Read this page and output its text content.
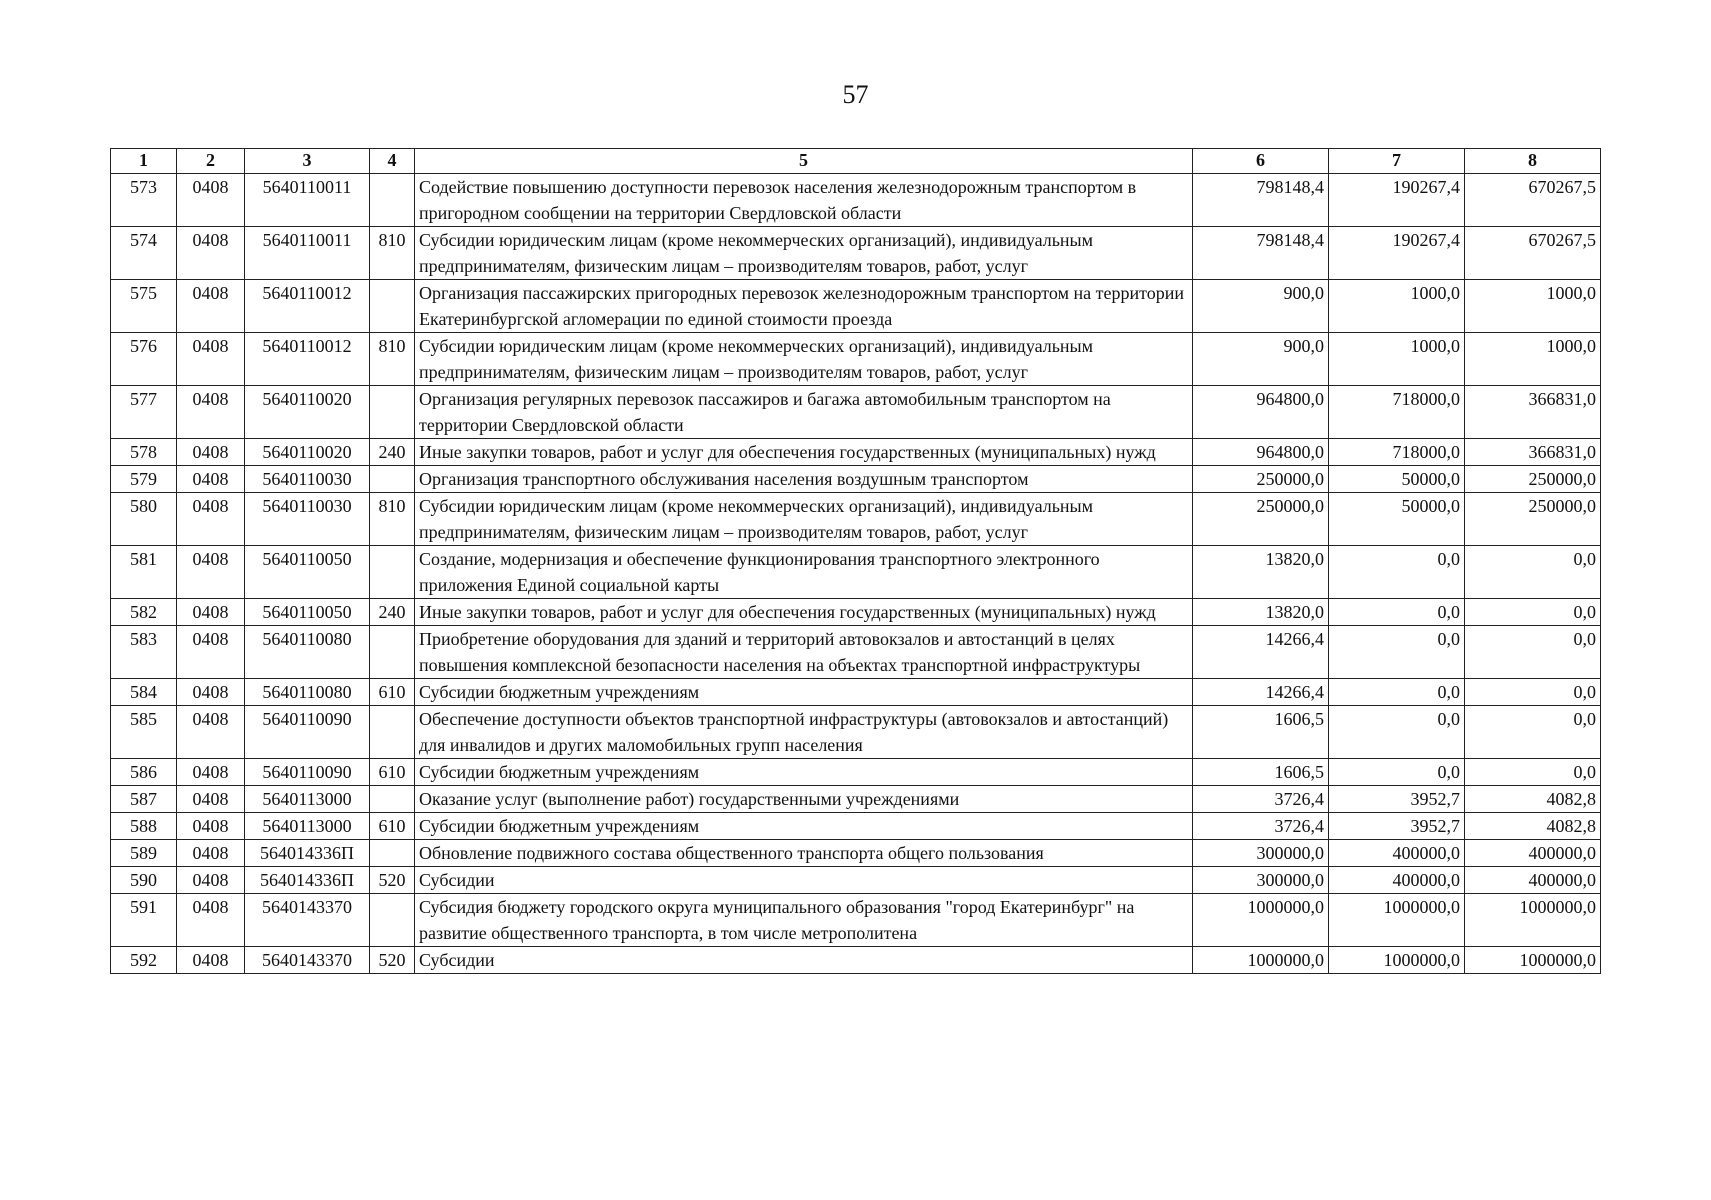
57
1	2	3	4	5	6	7	8
573	0408	5640110011		Содействие повышению доступности перевозок населения железнодорожным транспортом в пригородном сообщении на территории Свердловской области	798148,4	190267,4	670267,5
574	0408	5640110011	810	Субсидии юридическим лицам (кроме некоммерческих организаций), индивидуальным предпринимателям, физическим лицам – производителям товаров, работ, услуг	798148,4	190267,4	670267,5
575	0408	5640110012		Организация пассажирских пригородных перевозок железнодорожным транспортом на территории Екатеринбургской агломерации по единой стоимости проезда	900,0	1000,0	1000,0
576	0408	5640110012	810	Субсидии юридическим лицам (кроме некоммерческих организаций), индивидуальным предпринимателям, физическим лицам – производителям товаров, работ, услуг	900,0	1000,0	1000,0
577	0408	5640110020		Организация регулярных перевозок пассажиров и багажа автомобильным транспортом на территории Свердловской области	964800,0	718000,0	366831,0
578	0408	5640110020	240	Иные закупки товаров, работ и услуг для обеспечения государственных (муниципальных) нужд	964800,0	718000,0	366831,0
579	0408	5640110030		Организация транспортного обслуживания населения воздушным транспортом	250000,0	50000,0	250000,0
580	0408	5640110030	810	Субсидии юридическим лицам (кроме некоммерческих организаций), индивидуальным предпринимателям, физическим лицам – производителям товаров, работ, услуг	250000,0	50000,0	250000,0
581	0408	5640110050		Создание, модернизация и обеспечение функционирования транспортного электронного приложения Единой социальной карты	13820,0	0,0	0,0
582	0408	5640110050	240	Иные закупки товаров, работ и услуг для обеспечения государственных (муниципальных) нужд	13820,0	0,0	0,0
583	0408	5640110080		Приобретение оборудования для зданий и территорий автовокзалов и автостанций в целях повышения комплексной безопасности населения на объектах транспортной инфраструктуры	14266,4	0,0	0,0
584	0408	5640110080	610	Субсидии бюджетным учреждениям	14266,4	0,0	0,0
585	0408	5640110090		Обеспечение доступности объектов транспортной инфраструктуры (автовокзалов и автостанций) для инвалидов и других маломобильных групп населения	1606,5	0,0	0,0
586	0408	5640110090	610	Субсидии бюджетным учреждениям	1606,5	0,0	0,0
587	0408	5640113000		Оказание услуг (выполнение работ) государственными учреждениями	3726,4	3952,7	4082,8
588	0408	5640113000	610	Субсидии бюджетным учреждениям	3726,4	3952,7	4082,8
589	0408	564014336П		Обновление подвижного состава общественного транспорта общего пользования	300000,0	400000,0	400000,0
590	0408	564014336П	520	Субсидии	300000,0	400000,0	400000,0
591	0408	5640143370		Субсидия бюджету городского округа муниципального образования "город Екатеринбург" на развитие общественного транспорта, в том числе метрополитена	1000000,0	1000000,0	1000000,0
592	0408	5640143370	520	Субсидии	1000000,0	1000000,0	1000000,0
